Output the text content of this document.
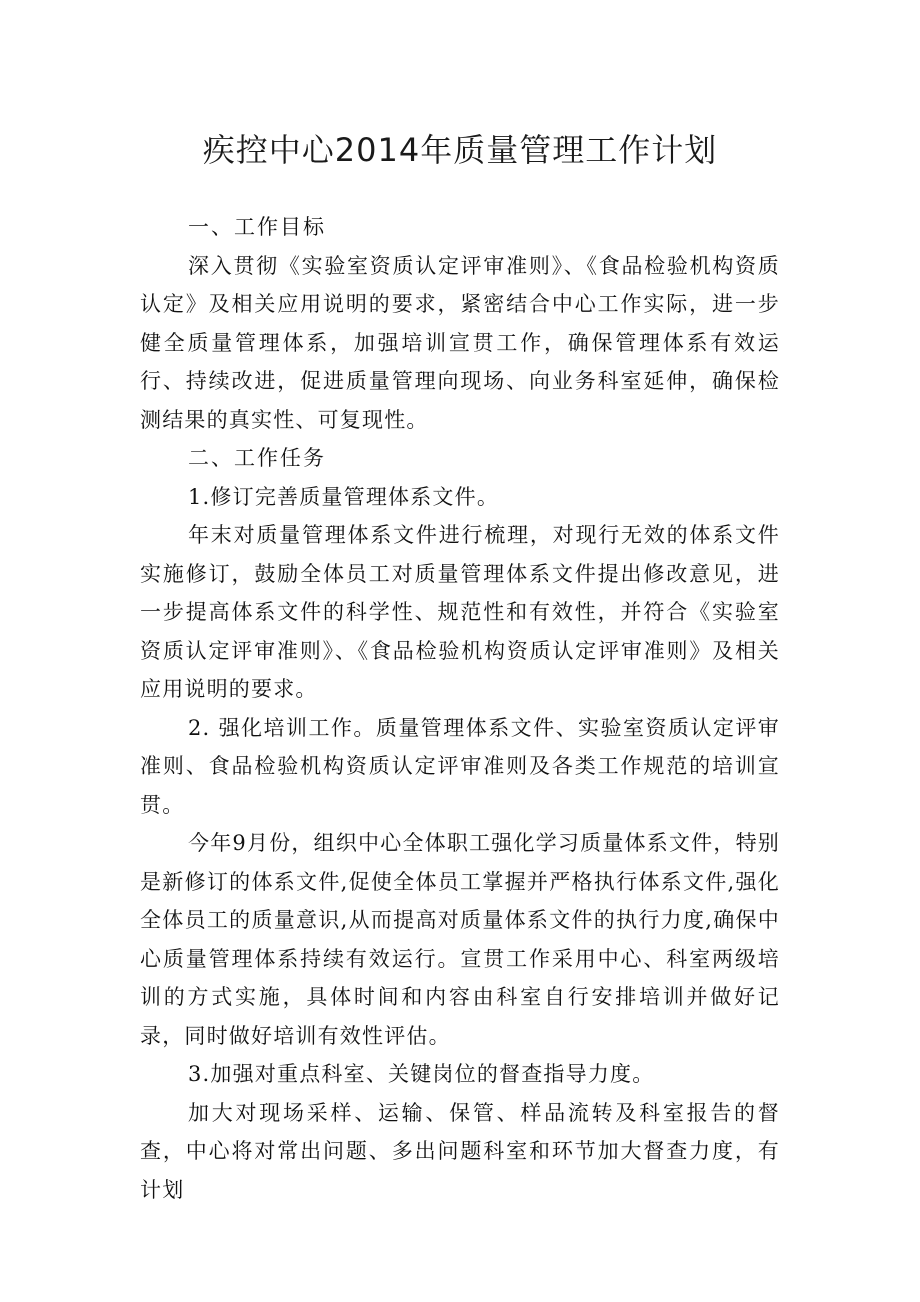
疾控中心2014年质量管理工作计划

一、工作目标

深入贯彻《实验室资质认定评审准则》、《食品检验机构资质认定》及相关应用说明的要求，紧密结合中心工作实际，进一步健全质量管理体系，加强培训宣贯工作，确保管理体系有效运行、持续改进，促进质量管理向现场、向业务科室延伸，确保检测结果的真实性、可复现性。

二、工作任务

1.修订完善质量管理体系文件。

年末对质量管理体系文件进行梳理，对现行无效的体系文件实施修订，鼓励全体员工对质量管理体系文件提出修改意见，进一步提高体系文件的科学性、规范性和有效性，并符合《实验室资质认定评审准则》、《食品检验机构资质认定评审准则》及相关应用说明的要求。

2. 强化培训工作。质量管理体系文件、实验室资质认定评审准则、食品检验机构资质认定评审准则及各类工作规范的培训宣贯。

今年9月份，组织中心全体职工强化学习质量体系文件，特别是新修订的体系文件,促使全体员工掌握并严格执行体系文件,强化全体员工的质量意识,从而提高对质量体系文件的执行力度,确保中心质量管理体系持续有效运行。宣贯工作采用中心、科室两级培训的方式实施，具体时间和内容由科室自行安排培训并做好记录，同时做好培训有效性评估。

3.加强对重点科室、关键岗位的督查指导力度。

加大对现场采样、运输、保管、样品流转及科室报告的督查，中心将对常出问题、多出问题科室和环节加大督查力度，有计划
